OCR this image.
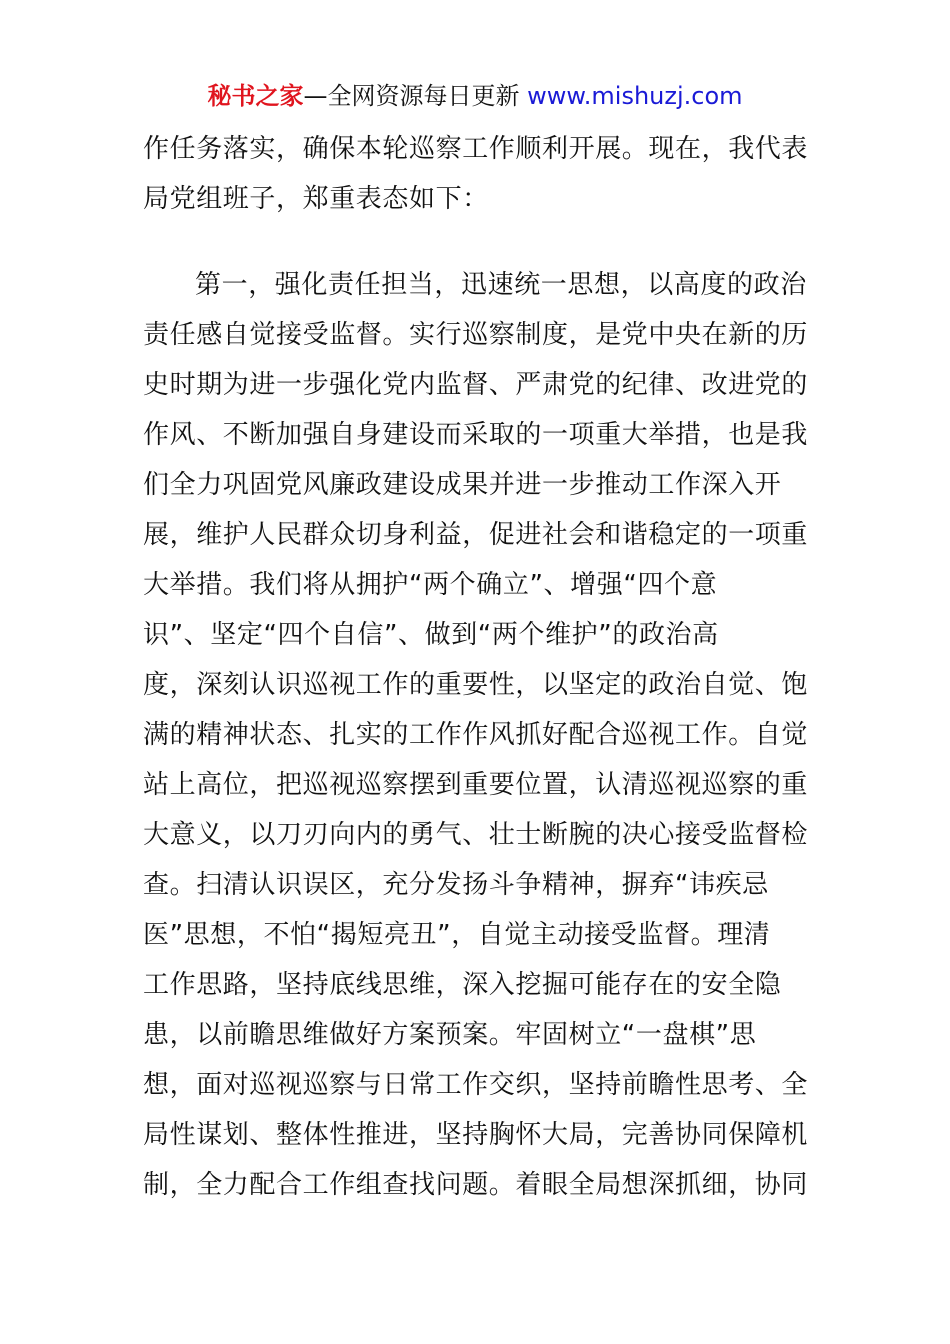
秘书之家—全网资源每日更新 www.mishuzj.com
作任务落实，确保本轮巡察工作顺利开展。现在，我代表
局党组班子，郑重表态如下：
第一，强化责任担当，迅速统一思想，以高度的政治
责任感自觉接受监督。实行巡察制度，是党中央在新的历
史时期为进一步强化党内监督、严肃党的纪律、改进党的
作风、不断加强自身建设而采取的一项重大举措，也是我
们全力巩固党风廉政建设成果并进一步推动工作深入开
展，维护人民群众切身利益，促进社会和谐稳定的一项重
大举措。我们将从拥护“两个确立”、增强“四个意
识”、坚定“四个自信”、做到“两个维护”的政治高
度，深刻认识巡视工作的重要性，以坚定的政治自觉、饱
满的精神状态、扎实的工作作风抓好配合巡视工作。自觉
站上高位，把巡视巡察摆到重要位置，认清巡视巡察的重
大意义，以刀刃向内的勇气、壮士断腕的决心接受监督检
查。扫清认识误区，充分发扬斗争精神，摒弃“讳疾忌
医”思想，不怕“揭短亮丑”，自觉主动接受监督。理清
工作思路，坚持底线思维，深入挖掘可能存在的安全隐
患，以前瞻思维做好方案预案。牢固树立“一盘棋”思
想，面对巡视巡察与日常工作交织，坚持前瞻性思考、全
局性谋划、整体性推进，坚持胸怀大局，完善协同保障机
制，全力配合工作组查找问题。着眼全局想深抓细，协同
